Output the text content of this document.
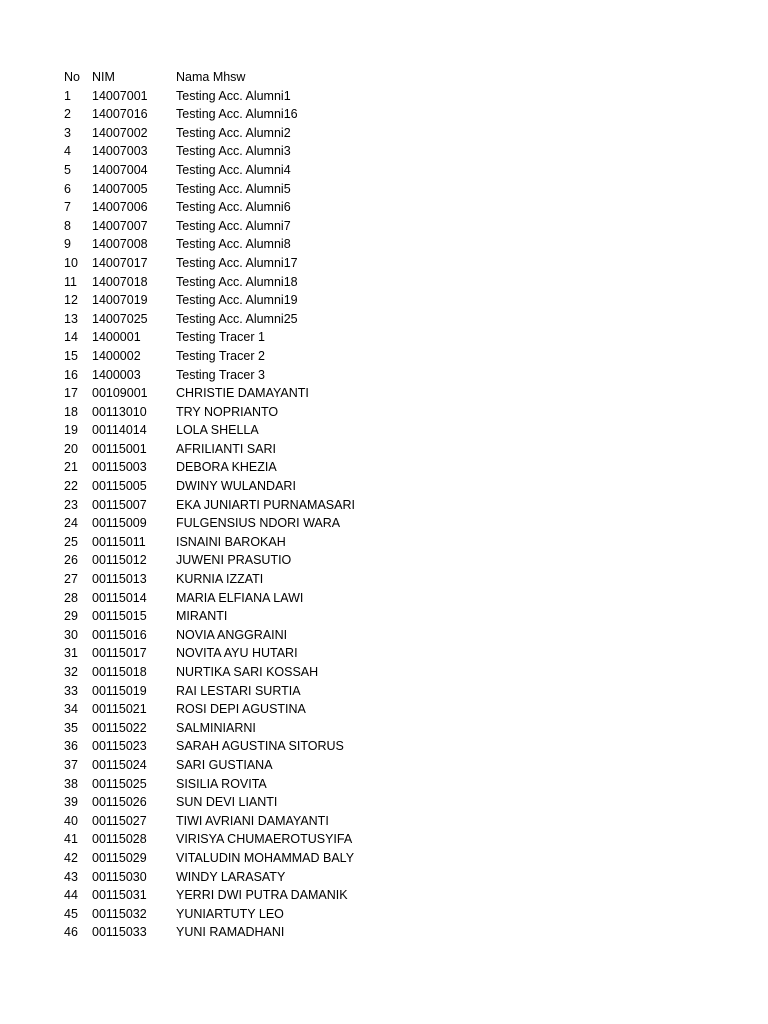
No NIM	Nama Mhsw
1	14007001	Testing Acc. Alumni1
2	14007016	Testing Acc. Alumni16
3	14007002	Testing Acc. Alumni2
4	14007003	Testing Acc. Alumni3
5	14007004	Testing Acc. Alumni4
6	14007005	Testing Acc. Alumni5
7	14007006	Testing Acc. Alumni6
8	14007007	Testing Acc. Alumni7
9	14007008	Testing Acc. Alumni8
10	14007017	Testing Acc. Alumni17
11	14007018	Testing Acc. Alumni18
12	14007019	Testing Acc. Alumni19
13	14007025	Testing Acc. Alumni25
14	1400001	Testing Tracer 1
15	1400002	Testing Tracer 2
16	1400003	Testing Tracer 3
17	00109001	CHRISTIE DAMAYANTI
18	00113010	TRY NOPRIANTO
19	00114014	LOLA SHELLA
20	00115001	AFRILIANTI SARI
21	00115003	DEBORA KHEZIA
22	00115005	DWINY WULANDARI
23	00115007	EKA JUNIARTI PURNAMASARI
24	00115009	FULGENSIUS NDORI WARA
25	00115011	ISNAINI BAROKAH
26	00115012	JUWENI PRASUTIO
27	00115013	KURNIA IZZATI
28	00115014	MARIA ELFIANA LAWI
29	00115015	MIRANTI
30	00115016	NOVIA ANGGRAINI
31	00115017	NOVITA AYU HUTARI
32	00115018	NURTIKA SARI KOSSAH
33	00115019	RAI LESTARI SURTIA
34	00115021	ROSI DEPI AGUSTINA
35	00115022	SALMINIARNI
36	00115023	SARAH AGUSTINA SITORUS
37	00115024	SARI GUSTIANA
38	00115025	SISILIA ROVITA
39	00115026	SUN DEVI LIANTI
40	00115027	TIWI AVRIANI DAMAYANTI
41	00115028	VIRISYA CHUMAEROTUSYIFA
42	00115029	VITALUDIN MOHAMMAD BALY
43	00115030	WINDY LARASATY
44	00115031	YERRI DWI PUTRA DAMANIK
45	00115032	YUNIARTUTY LEO
46	00115033	YUNI RAMADHANI
